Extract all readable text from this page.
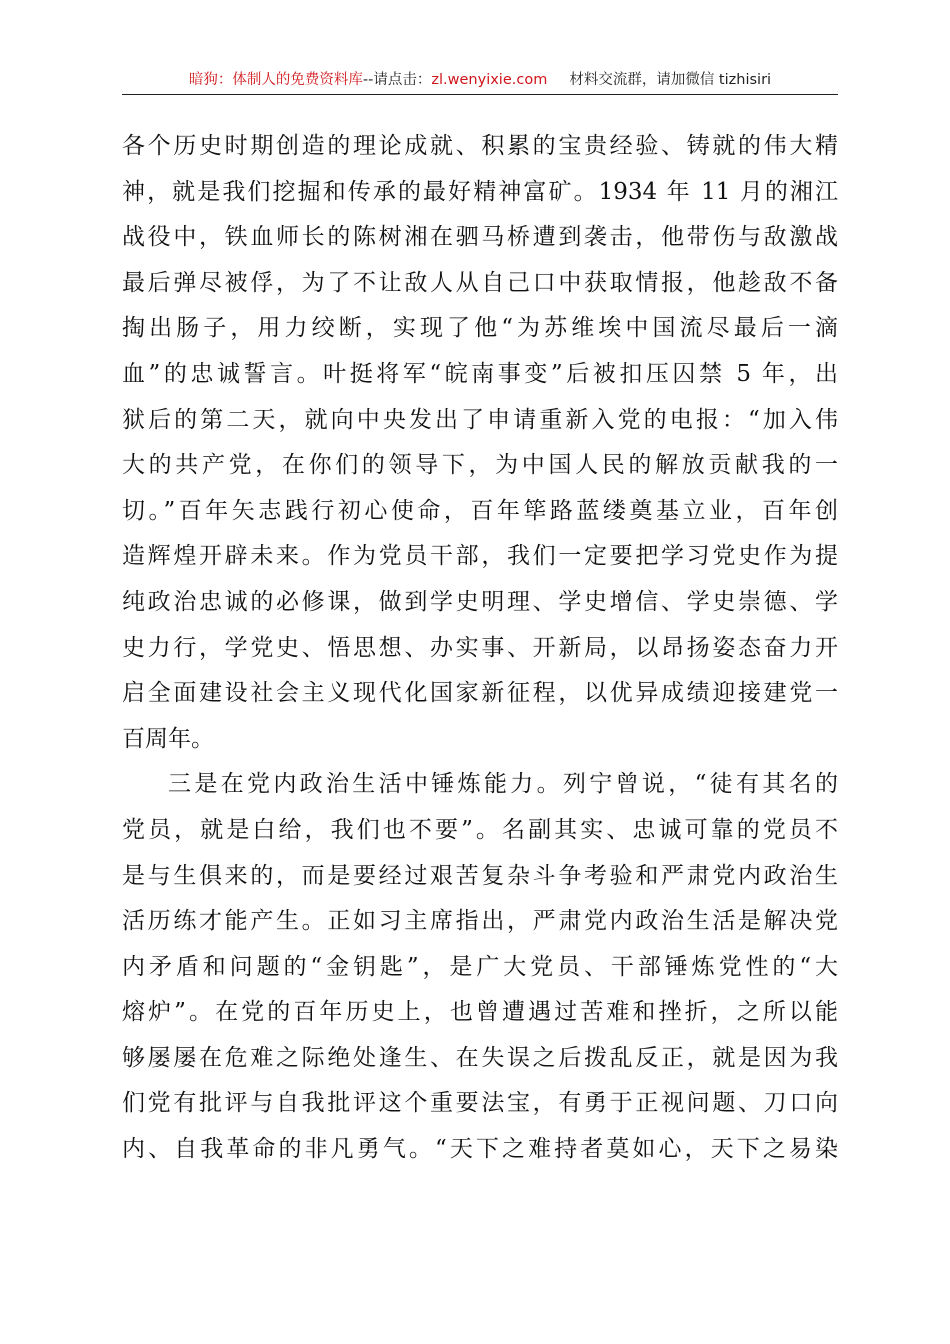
暗狗：体制人的免费资料库--请点击：zl.wenyixie.com 材料交流群，请加微信 tizhisiri
各个历史时期创造的理论成就、积累的宝贵经验、铸就的伟大精
神，就是我们挖掘和传承的最好精神富矿。1934 年 11 月的湘江
战役中，铁血师长的陈树湘在驷马桥遭到袭击，他带伤与敌激战
最后弹尽被俘，为了不让敌人从自己口中获取情报，他趁敌不备
掏出肠子，用力绞断，实现了他“为苏维埃中国流尽最后一滴
血”的忠诚誓言。叶挺将军“皖南事变”后被扣压囚禁 5 年，出
狱后的第二天，就向中央发出了申请重新入党的电报：“加入伟
大的共产党，在你们的领导下，为中国人民的解放贡献我的一
切。”百年矢志践行初心使命，百年筚路蓝缕奠基立业，百年创
造辉煌开辟未来。作为党员干部，我们一定要把学习党史作为提
纯政治忠诚的必修课，做到学史明理、学史增信、学史崇德、学
史力行，学党史、悟思想、办实事、开新局，以昂扬姿态奋力开
启全面建设社会主义现代化国家新征程，以优异成绩迎接建党一
百周年。
三是在党内政治生活中锤炼能力。列宁曾说，“徒有其名的
党员，就是白给，我们也不要”。名副其实、忠诚可靠的党员不
是与生俱来的，而是要经过艰苦复杂斗争考验和严肃党内政治生
活历练才能产生。正如习主席指出，严肃党内政治生活是解决党
内矛盾和问题的“金钥匙”，是广大党员、干部锤炼党性的“大
熔炉”。在党的百年历史上，也曾遭遇过苦难和挫折，之所以能
够屡屡在危难之际绝处逢生、在失误之后拨乱反正，就是因为我
们党有批评与自我批评这个重要法宝，有勇于正视问题、刀口向
内、自我革命的非凡勇气。“天下之难持者莫如心，天下之易染
